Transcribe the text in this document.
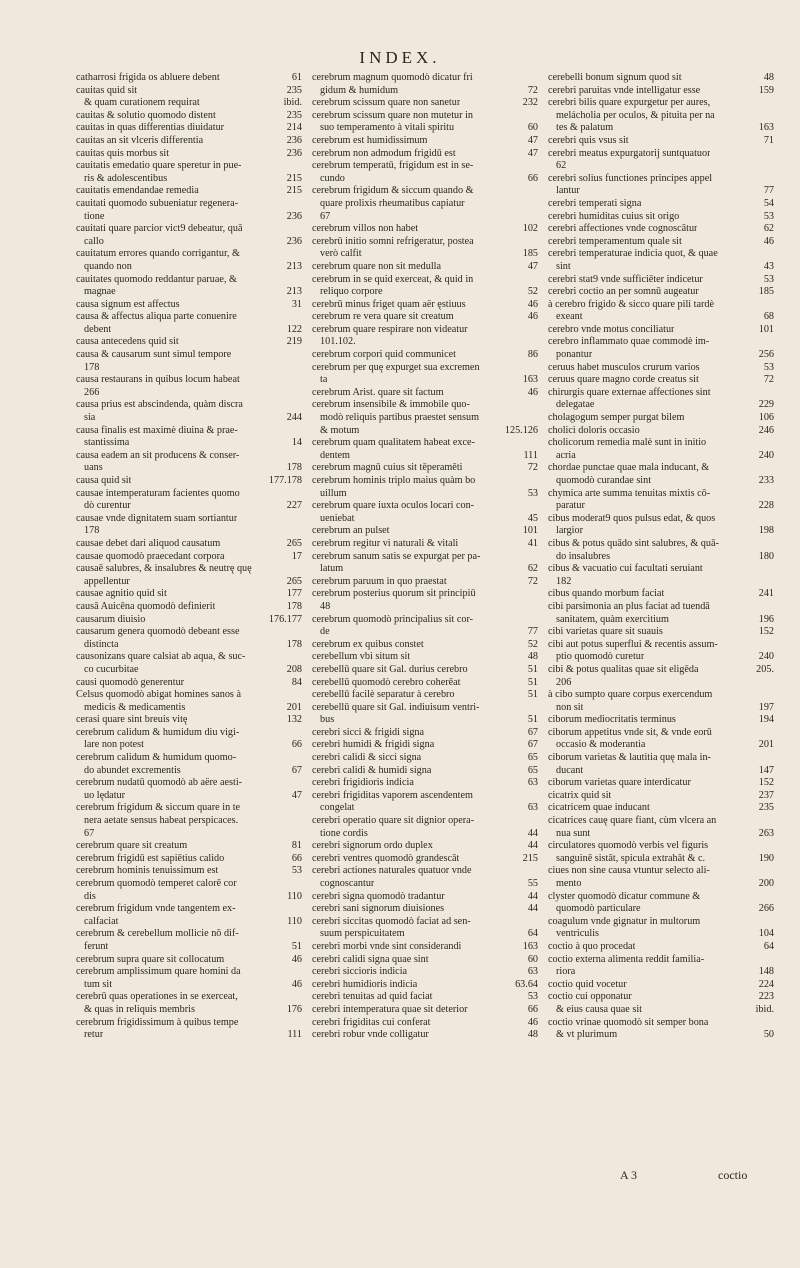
INDEX.
catharrosi frigida os abluere debent	61
cauitas quid sit	235
& quam curationem requirat	ibid.
cauitas & solutio quomodo distent	235
cauitas in quas differentias diuidatur	214
cauitas an sit vlceris differentia	236
cauitas quis morbus sit	236
cauitatis emedatio quare speretur in pue-
ris & adolescentibus	215
cauitatis emendandae remedia	215
cauitati quomodo subueniatur regenera-
tione	236
cauitati quare parcior vict9 debeatur, quā
callo	236
cauitatum errores quando corrigantur, &
quando non	213
cauitates quomodo reddantur paruae, &
magnae	213
causa signum est affectus	31
causa & affectus aliqua parte conuenire
debent	122
causa antecedens quid sit	219
causa & causarum sunt simul tempore
178
causa restaurans in quibus locum habeat
266
causa prius est abscindenda, quàm discra
sia	244
causa finalis est maximè diuina & prae-
stantissima	14
causa eadem an sit producens & conser-
uans	178
causa quid sit	177.178
causae intemperaturam facientes quomo
dò curentur	227
causae vnde dignitatem suam sortiantur
178
causae debet dari aliquod causatum	265
causae quomodò praecedant corpora	17
causaē salubres, & insalubres & neutrę quę
appellentur	265
causae agnitio quid sit	177
causā Auicēna quomodò definierit	178
causarum diuisio	176.177
causarum genera quomodò debeant esse
distincta	178
causonizans quare calsiat ab aqua, & suc-
co cucurbitae	208
causi quomodò generentur	84
Celsus quomodò abigat homines sanos à
medicis & medicamentis	201
cerasi quare sint breuis vitę	132
cerebrum calidum & humidum diu vigi-
lare non potest	66
cerebrum calidum & humidum quomo-
do abundet excrementis	67
cerebrum nudatū quomodò ab aëre aesti-
uo lędatur	47
cerebrum frigidum & siccum quare in te
nera aetate sensus habeat perspicaces.
67
cerebrum quare sit creatum	81
cerebrum frigidū est sapiētius calido	66
cerebrum hominis tenuissimum est	53
cerebrum quomodò temperet calorē cor
dis	110
cerebrum frigidum vnde tangentem ex-
calfaciat	110
cerebrum & cerebellum mollicie nō dif-
ferunt	51
cerebrum supra quare sit collocatum	46
cerebrum amplissimum quare homini da
tum sit	46
cerebrū quas operationes in se exerceat,
& quas in reliquis membris	176
cerebrum frigidissimum à quibus tempe
retur	111
cerebrum magnum quomodò dicatur fri
gidum & humidum	72
cerebrum scissum quare non sanetur	232
cerebrum scissum quare non mutetur in
suo temperamento à vitali spiritu	60
cerebrum est humidissimum	47
cerebrum non admodum frigidū est	47
cerebrum temperatū, frigidum est in se-
cundo	66
cerebrum frigidum & siccum quando &
quare prolixis rheumatibus capiatur
67
cerebrum villos non habet	102
cerebrū initio somni refrigeratur, postea
verò calfit	185
cerebrum quare non sit medulla	47
cerebrum in se quid exerceat, & quid in
reliquo corpore	52
cerebrū minus friget quam aër ęstiuus	46
cerebrum re vera quare sit creatum	46
cerebrum quare respirare non videatur
101.102.
cerebrum corpori quid communicet	86
cerebrum per quę expurget sua excremen
ta	163
cerebrum Arist. quare sit factum	46
cerebrum insensibile & immobile quo-
modò reliquis partibus praestet sensum
& motum	125.126
cerebrum quam qualitatem habeat exce-
dentem	111
cerebrum magnū cuius sit tēperamēti	72
cerebrum hominis triplo maius quàm bo
uillum	53
cerebrum quare iuxta oculos locari con-
ueniebat	45
cerebrum an pulset	101
cerebrum regitur vi naturali & vitali	41
cerebrum sanum satis se expurgat per pa-
latum	62
cerebrum paruum in quo praestat	72
cerebrum posterius quorum sit principiū
48
cerebrum quomodò principalius sit cor-
de	77
cerebrum ex quibus constet	52
cerebellum vbi situm sit	48
cerebellū quare sit Gal. durius cerebro	51
cerebellū quomodò cerebro coherēat	51
cerebellū facilè separatur à cerebro	51
cerebellū quare sit Gal. indiuisum ventri-
bus	51
cerebri sicci & frigidi signa	67
cerebri humidi & frigidi signa	67
cerebri calidi & sicci signa	65
cerebri calidi & humidi signa	65
cerebri frigidioris indicia	63
cerebri frigiditas vaporem ascendentem
congelat	63
cerebri operatio quare sit dignior opera-
tione cordis	44
cerebri signorum ordo duplex	44
cerebri ventres quomodò grandescāt	215
cerebri actiones naturales quatuor vnde
cognoscantur	55
cerebri signa quomodò tradantur	44
cerebri sani signorum diuisiones	44
cerebri siccitas quomodò faciat ad sen-
suum perspicuitatem	64
cerebri morbi vnde sint considerandi	163
cerebri calidi signa quae sint	60
cerebri siccioris indicia	63
cerebri humidioris indicia	63.64
cerebri tenuitas ad quid faciat	53
cerebri intemperatura quae sit deterior	66
cerebri frigiditas cui conferat	46
cerebri robur vnde colligatur	48
cerebelli bonum signum quod sit	48
cerebri paruitas vnde intelligatur esse	159
cerebri bilis quare expurgetur per aures,
melácholia per oculos, & pituita per na
tes & palatum	163
cerebri quis vsus sit	71
cerebri meatus expurgatorij suntquatuor
62
cerebri solius functiones principes appel
lantur	77
cerebri temperati signa	54
cerebri humiditas cuius sit origo	53
cerebri affectiones vnde cognoscātur	62
cerebri temperamentum quale sit	46
cerebri temperaturae indicia quot, & quae
sint	43
cerebri stat9 vnde sufficiēter indicetur	53
cerebri coctio an per somnū augeatur	185
à cerebro frigido & sicco quare pili tardè
exeant	68
cerebro vnde motus conciliatur	101
cerebro inflammato quae commodè im-
ponantur	256
ceruus habet musculos crurum varios	53
ceruus quare magno corde creatus sit	72
chirurgis quare externae affectiones sint
delegatae	229
cholagogum semper purgat bilem	106
cholici doloris occasio	246
cholicorum remedia malè sunt in initio
acria	240
chordae punctae quae mala inducant, &
quomodò curandae sint	233
chymica arte summa tenuitas mixtis cō-
paratur	228
cibus moderat9 quos pulsus edat, & quos
largior	198
cibus & potus quādo sint salubres, & quā-
do insalubres	180
cibus & vacuatio cui facultati seruiant
182
cibus quando morbum faciat	241
cibi parsimonia an plus faciat ad tuendā
sanitatem, quàm exercitium	196
cibi varietas quare sit suauis	152
cibi aut potus superflui & recentis assum-
ptio quomodò curetur	240
cibi & potus qualitas quae sit eligēda	205.
206
à cibo sumpto quare corpus exercendum
non sit	197
ciborum mediocritatis terminus	194
ciborum appetitus vnde sit, & vnde eorū
occasio & moderantia	201
ciborum varietas & lautitia quę mala in-
ducant	147
ciborum varietas quare interdicatur	152
cicatrix quid sit	237
cicatricem quae inducant	235
cicatrices cauę quare fiant, cùm vlcera an
nua sunt	263
circulatores quomodò verbis vel figuris
sanguinē sistāt, spicula extrahāt & c.	190
ciues non sine causa vtuntur selecto ali-
mento	200
clyster quomodò dicatur commune &
quomodò particulare	266
coagulum vnde gignatur in multorum
ventriculis	104
coctio à quo procedat	64
coctio externa alimenta reddit familia-
riora	148
coctio quid vocetur	224
coctio cui opponatur	223
& eius causa quae sit	ibid.
coctio vrinae quomodò sit semper bona
& vt plurimum	50
A 3	coctio
